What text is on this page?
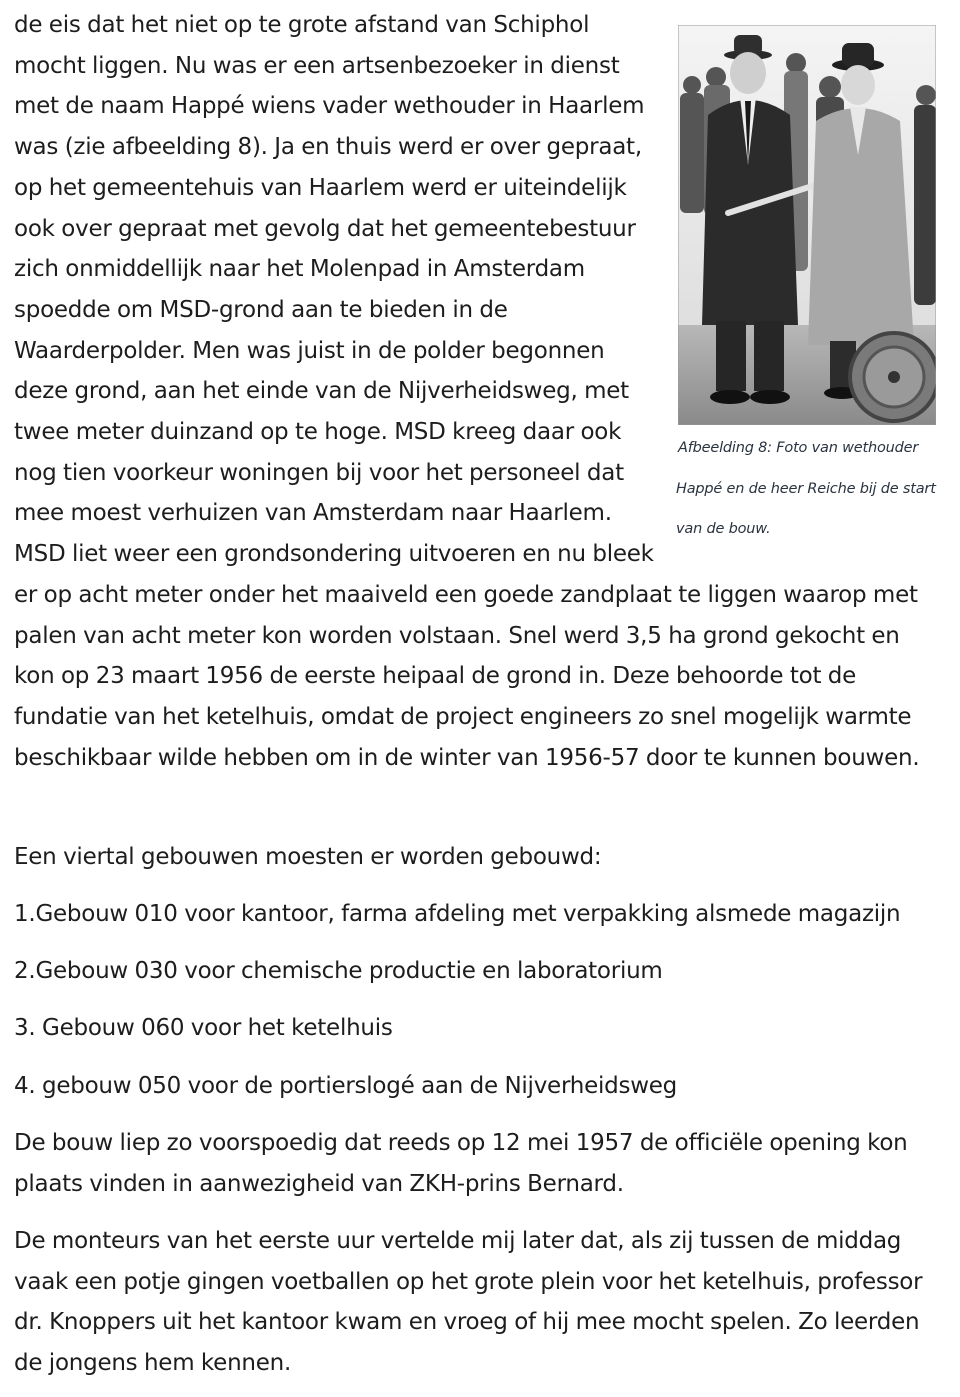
Afbeelding 8: Foto van wethouder Happé en de heer Reiche bij de start van de bouw.
de eis dat het niet op te grote afstand van Schiphol mocht liggen. Nu was er een artsenbezoeker in dienst met de naam Happé wiens vader wethouder in Haarlem was (zie afbeelding 8). Ja en thuis werd er over gepraat, op het gemeentehuis van Haarlem werd er uiteindelijk ook over gepraat met gevolg dat het gemeentebestuur zich onmiddellijk naar het Molenpad in Amsterdam spoedde om MSD-grond aan te bieden in de Waarderpolder. Men was juist in de polder begonnen deze grond, aan het einde van de Nijverheidsweg, met twee meter duinzand op te hoge. MSD kreeg daar ook nog tien voorkeur woningen bij voor het personeel dat mee moest verhuizen van Amsterdam naar Haarlem. MSD liet weer een grondsondering uitvoeren en nu bleek er op acht meter onder het maaiveld een goede zandplaat te liggen waarop met palen van acht meter kon worden volstaan. Snel werd 3,5 ha grond gekocht en kon op 23 maart 1956 de eerste heipaal de grond in. Deze behoorde tot de fundatie van het ketelhuis, omdat de project engineers zo snel mogelijk warmte beschikbaar wilde hebben om in de winter van 1956-57 door te kunnen bouwen.

Een viertal gebouwen moesten er worden gebouwd:

1.Gebouw 010 voor kantoor, farma afdeling met verpakking alsmede magazijn

2.Gebouw 030 voor chemische productie en laboratorium

3. Gebouw 060 voor het ketelhuis

4. gebouw 050 voor de portierslogé aan de Nijverheidsweg

De bouw liep zo voorspoedig dat reeds op 12 mei 1957 de officiële opening kon plaats vinden in aanwezigheid van ZKH-prins Bernard.

De monteurs van het eerste uur vertelde mij later dat, als zij tussen de middag vaak een potje gingen voetballen op het grote plein voor het ketelhuis, professor dr. Knoppers uit het kantoor kwam en vroeg of hij mee mocht spelen. Zo leerden de jongens hem kennen.
